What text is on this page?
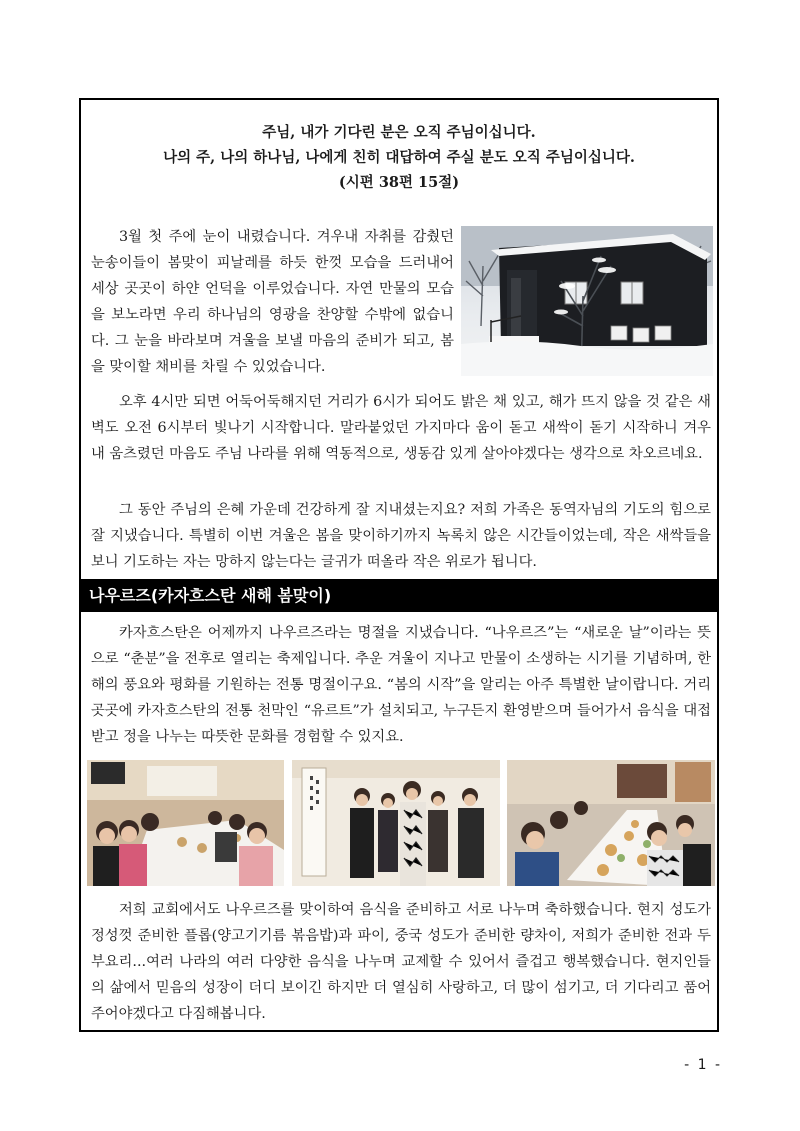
주님, 내가 기다린 분은 오직 주님이십니다.
나의 주, 나의 하나님, 나에게 친히 대답하여 주실 분도 오직 주님이십니다.
(시편 38편 15절)
3월 첫 주에 눈이 내렸습니다. 겨우내 자취를 감췄던 눈송이들이 봄맞이 피날레를 하듯 한껏 모습을 드러내어 세상 곳곳이 하얀 언덕을 이루었습니다. 자연 만물의 모습을 보노라면 우리 하나님의 영광을 찬양할 수밖에 없습니다. 그 눈을 바라보며 겨울을 보낼 마음의 준비가 되고, 봄을 맞이할 채비를 차릴 수 있었습니다.
오후 4시만 되면 어둑어둑해지던 거리가 6시가 되어도 밝은 채 있고, 해가 뜨지 않을 것 같은 새벽도 오전 6시부터 빛나기 시작합니다. 말라붙었던 가지마다 움이 돋고 새싹이 돋기 시작하니 겨우내 움츠렸던 마음도 주님 나라를 위해 역동적으로, 생동감 있게 살아야겠다는 생각으로 차오르네요.
그 동안 주님의 은혜 가운데 건강하게 잘 지내셨는지요? 저희 가족은 동역자님의 기도의 힘으로 잘 지냈습니다. 특별히 이번 겨울은 봄을 맞이하기까지 녹록치 않은 시간들이었는데, 작은 새싹들을 보니 기도하는 자는 망하지 않는다는 글귀가 떠올라 작은 위로가 됩니다.
나우르즈(카자흐스탄 새해 봄맞이)
카자흐스탄은 어제까지 나우르즈라는 명절을 지냈습니다. “나우르즈”는 “새로운 날”이라는 뜻으로 “춘분”을 전후로 열리는 축제입니다. 추운 겨울이 지나고 만물이 소생하는 시기를 기념하며, 한 해의 풍요와 평화를 기원하는 전통 명절이구요. “봄의 시작”을 알리는 아주 특별한 날이랍니다. 거리 곳곳에 카자흐스탄의 전통 천막인 “유르트”가 설치되고, 누구든지 환영받으며 들어가서 음식을 대접받고 정을 나누는 따뜻한 문화를 경험할 수 있지요.
저희 교회에서도 나우르즈를 맞이하여 음식을 준비하고 서로 나누며 축하했습니다. 현지 성도가 정성껏 준비한 플롭(양고기기름 볶음밥)과 파이, 중국 성도가 준비한 량차이, 저희가 준비한 전과 두부요리...여러 나라의 여러 다양한 음식을 나누며 교제할 수 있어서 즐겁고 행복했습니다. 현지인들의 삶에서 믿음의 성장이 더디 보이긴 하지만 더 열심히 사랑하고, 더 많이 섬기고, 더 기다리고 품어주어야겠다고 다짐해봅니다.
- 1 -
